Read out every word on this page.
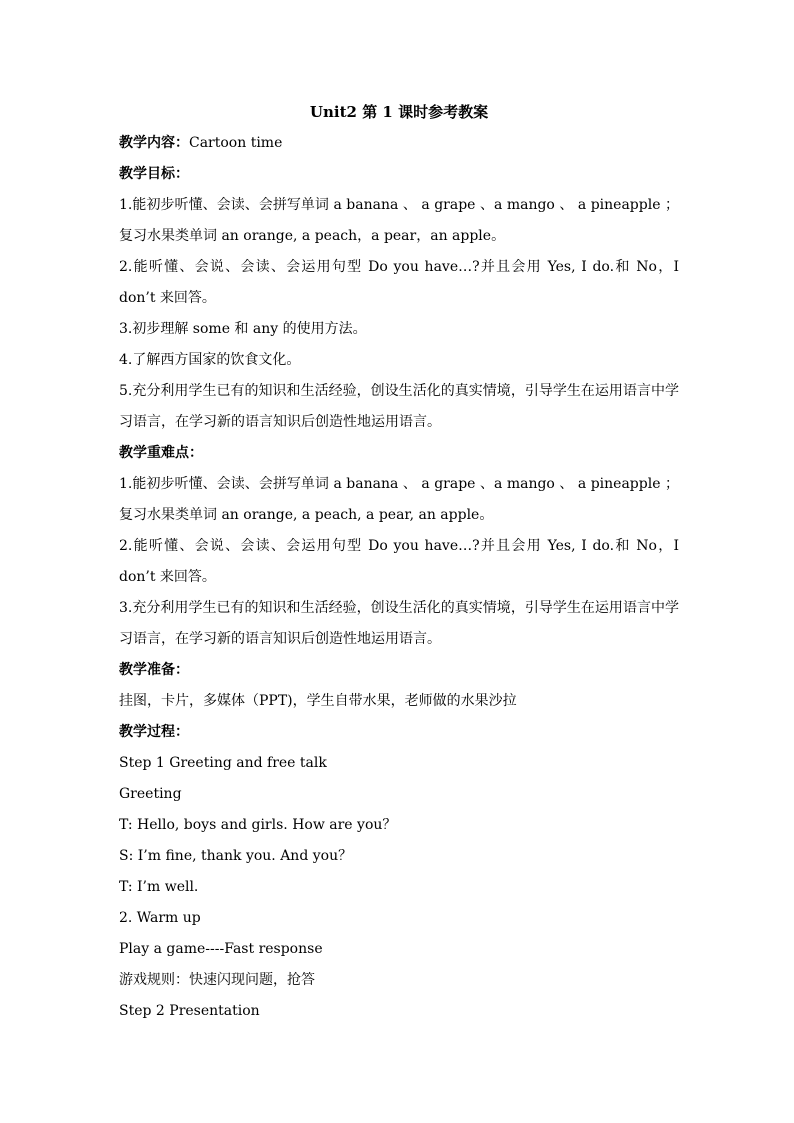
Unit2 第 1 课时参考教案

教学内容：Cartoon time

教学目标：

1.能初步听懂、会读、会拼写单词 a banana 、 a grape 、a mango 、 a pineapple ；复习水果类单词 an orange, a peach，a pear，an apple。

2.能听懂、会说、会读、会运用句型 Do you have…?并且会用 Yes, I do.和 No，I don’t 来回答。

3.初步理解 some 和 any 的使用方法。

4.了解西方国家的饮食文化。

5.充分利用学生已有的知识和生活经验，创设生活化的真实情境，引导学生在运用语言中学习语言，在学习新的语言知识后创造性地运用语言。

教学重难点：

1.能初步听懂、会读、会拼写单词 a banana 、 a grape 、a mango 、 a pineapple ；复习水果类单词 an orange, a peach, a pear, an apple。

2.能听懂、会说、会读、会运用句型 Do you have…?并且会用 Yes, I do.和 No，I don’t 来回答。

3.充分利用学生已有的知识和生活经验，创设生活化的真实情境，引导学生在运用语言中学习语言，在学习新的语言知识后创造性地运用语言。

教学准备：

挂图，卡片，多媒体（PPT)，学生自带水果，老师做的水果沙拉

教学过程：

Step 1 Greeting and free talk

Greeting

T: Hello, boys and girls. How are you？

S: I’m fine, thank you. And you？

T: I’m well.

2. Warm up

Play a game----Fast response

游戏规则：快速闪现问题，抢答

Step 2 Presentation
